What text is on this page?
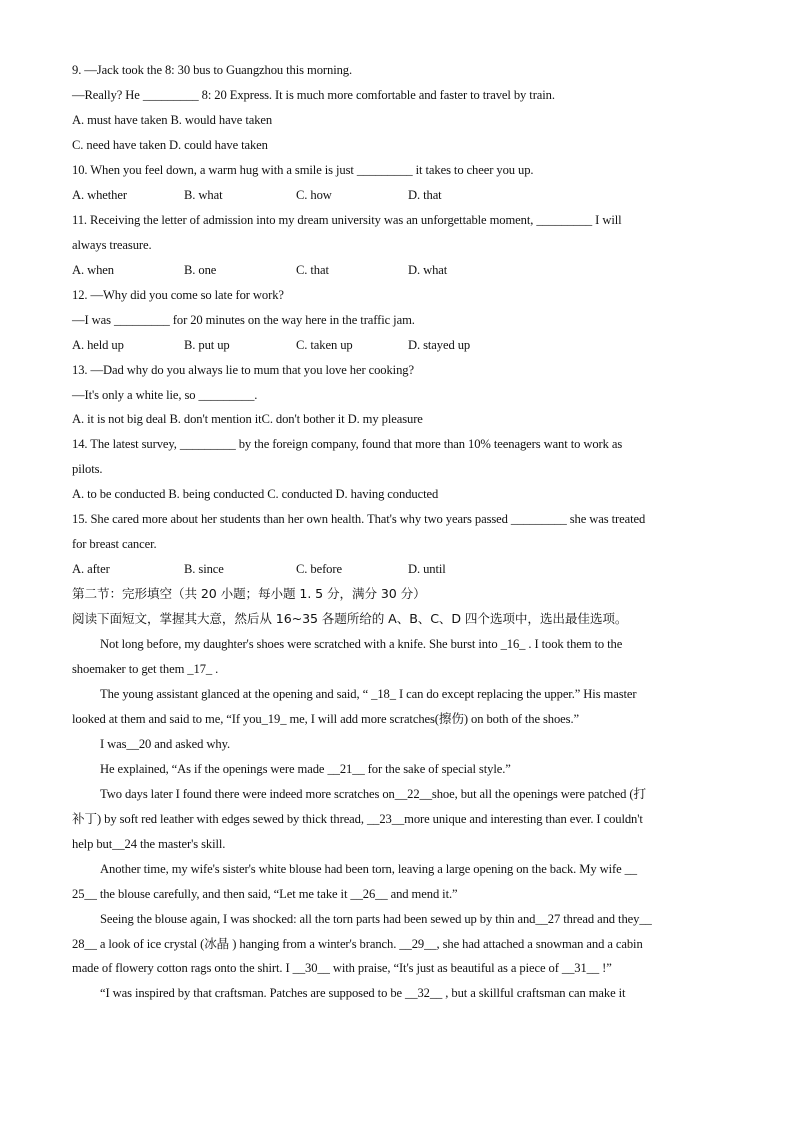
9. —Jack took the 8: 30 bus to Guangzhou this morning.
—Really? He _________ 8: 20 Express. It is much more comfortable and faster to travel by train.
A. must have taken B. would have taken
C. need have taken D. could have taken
10. When you feel down, a warm hug with a smile is just _________ it takes to cheer you up.
A. whether	B. what	C. how	D. that
11. Receiving the letter of admission into my dream university was an unforgettable moment, _________ I will
always treasure.
A. when	B. one	C. that	D. what
12. —Why did you come so late for work?
—I was _________ for 20 minutes on the way here in the traffic jam.
A. held up	B. put up	C. taken up	D. stayed up
13. —Dad why do you always lie to mum that you love her cooking?
—It's only a white lie, so _________.
A. it is not big deal B. don't mention itC. don't bother it D. my pleasure
14. The latest survey, _________ by the foreign company, found that more than 10% teenagers want to work as
pilots.
A. to be conducted B. being conducted C. conducted D. having conducted
15. She cared more about her students than her own health. That's why two years passed _________ she was treated
for breast cancer.
A. after	B. since	C. before	D. until
第二节：完形填空（共 20 小题；每小题 1. 5 分，满分 30 分）
阅读下面短文，掌握其大意，然后从 16~35 各题所给的 A、B、C、D 四个选项中，选出最佳选项。
Not long before, my daughter's shoes were scratched with a knife. She burst into _16_ . I took them to the
shoemaker to get them _17_ .
The young assistant glanced at the opening and said, “ _18_ I can do except replacing the upper.” His master
looked at them and said to me, “If you_19_ me, I will add more scratches(擦伤) on both of the shoes.”
I was__20 and asked why.
He explained, “As if the openings were made __21__ for the sake of special style.”
Two days later I found there were indeed more scratches on__22__shoe, but all the openings were patched (打
补丁) by soft red leather with edges sewed by thick thread, __23__more unique and interesting than ever. I couldn't
help but__24 the master's skill.
Another time, my wife's sister's white blouse had been torn, leaving a large opening on the back. My wife __
25__ the blouse carefully, and then said, “Let me take it __26__ and mend it.”
Seeing the blouse again, I was shocked: all the torn parts had been sewed up by thin and__27 thread and they__
28__ a look of ice crystal (冰晶 ) hanging from a winter's branch. __29__, she had attached a snowman and a cabin
made of flowery cotton rags onto the shirt. I __30__ with praise, “It's just as beautiful as a piece of __31__ !”
“I was inspired by that craftsman. Patches are supposed to be __32__ , but a skillful craftsman can make it
